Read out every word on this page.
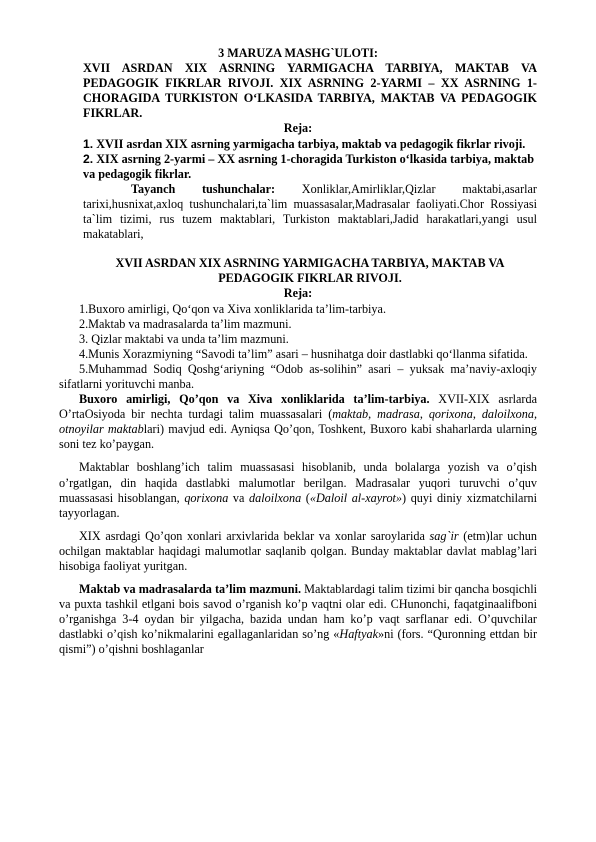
3 MARUZA MASHG`ULOTI:

XVII ASRDAN XIX ASRNING YARMIGACHA TARBIYA, MAKTAB VA PEDAGOGIK FIKRLAR RIVOJI. XIX ASRNING 2-YARMI – XX ASRNING 1-CHORAGIDA TURKISTON O‘LKASIDA TARBIYA, MAKTAB VA PEDAGOGIK FIKRLAR.

Reja:

1. XVII asrdan XIX asrning yarmigacha tarbiya, maktab va pedagogik fikrlar rivoji.
2. XIX asrning 2-yarmi – XX asrning 1-choragida Turkiston o‘lkasida tarbiya, maktab va pedagogik fikrlar.

Tayanch tushunchalar: Xonliklar,Amirliklar,Qizlar maktabi,asarlar tarixi,husnixat,axloq tushunchalari,ta`lim muassasalar,Madrasalar faoliyati.Chor Rossiyasi ta`lim tizimi, rus tuzem maktablari, Turkiston maktablari,Jadid harakatlari,yangi usul makatablari,

XVII ASRDAN XIX ASRNING YARMIGACHA TARBIYA, MAKTAB VA PEDAGOGIK FIKRLAR RIVOJI.

Reja:

1.Buxoro amirligi, Qo‘qon va Xiva xonliklarida ta’lim-tarbiya.

2.Maktab va madrasalarda ta’lim mazmuni.

3. Qizlar maktabi va unda ta’lim mazmuni.

4.Munis Xorazmiyning “Savodi ta’lim” asari – husnihatga doir dastlabki qo‘llanma sifatida.

5.Muhammad Sodiq Qoshg‘ariyning “Odob as-solihin” asari – yuksak ma’naviy-axloqiy sifatlarni yorituvchi manba.

Buxoro amirligi, Qo’qon va Xiva xonliklarida ta’lim-tarbiya. XVII-XIX asrlarda O’rtaOsiyoda bir nechta turdagi talim muassasalari (maktab, madrasa, qorixona, daloilxona, otnoyilar maktablari) mavjud edi. Ayniqsa Qo’qon, Toshkent, Buxoro kabi shaharlarda ularning soni tez ko’paygan.

Maktablar boshlang’ich talim muassasasi hisoblanib, unda bolalarga yozish va o’qish o’rgatlgan, din haqida dastlabki malumotlar berilgan. Madrasalar yuqori turuvchi o’quv muassasasi hisoblangan, qorixona va daloilxona («Daloil al-xayrot») quyi diniy xizmatchilarni tayyorlagan.

XIX asrdagi Qo’qon xonlari arxivlarida beklar va xonlar saroylarida sag`ir (etm)lar uchun ochilgan maktablar haqidagi malumotlar saqlanib qolgan. Bunday maktablar davlat mablag’lari hisobiga faoliyat yuritgan.

Maktab va madrasalarda ta’lim mazmuni. Maktablardagi talim tizimi bir qancha bosqichli va puxta tashkil etlgani bois savod o’rganish ko’p vaqtni olar edi. CHunonchi, faqatginaalifboni o’rganishga 3-4 oydan bir yilgacha, bazida undan ham ko’p vaqt sarflanar edi. O’quvchilar dastlabki o’qish ko’nikmalarini egallaganlaridan so’ng «Haftyak»ni (fors. “Quronning ettdan bir qismi”) o’qishni boshlaganlar
